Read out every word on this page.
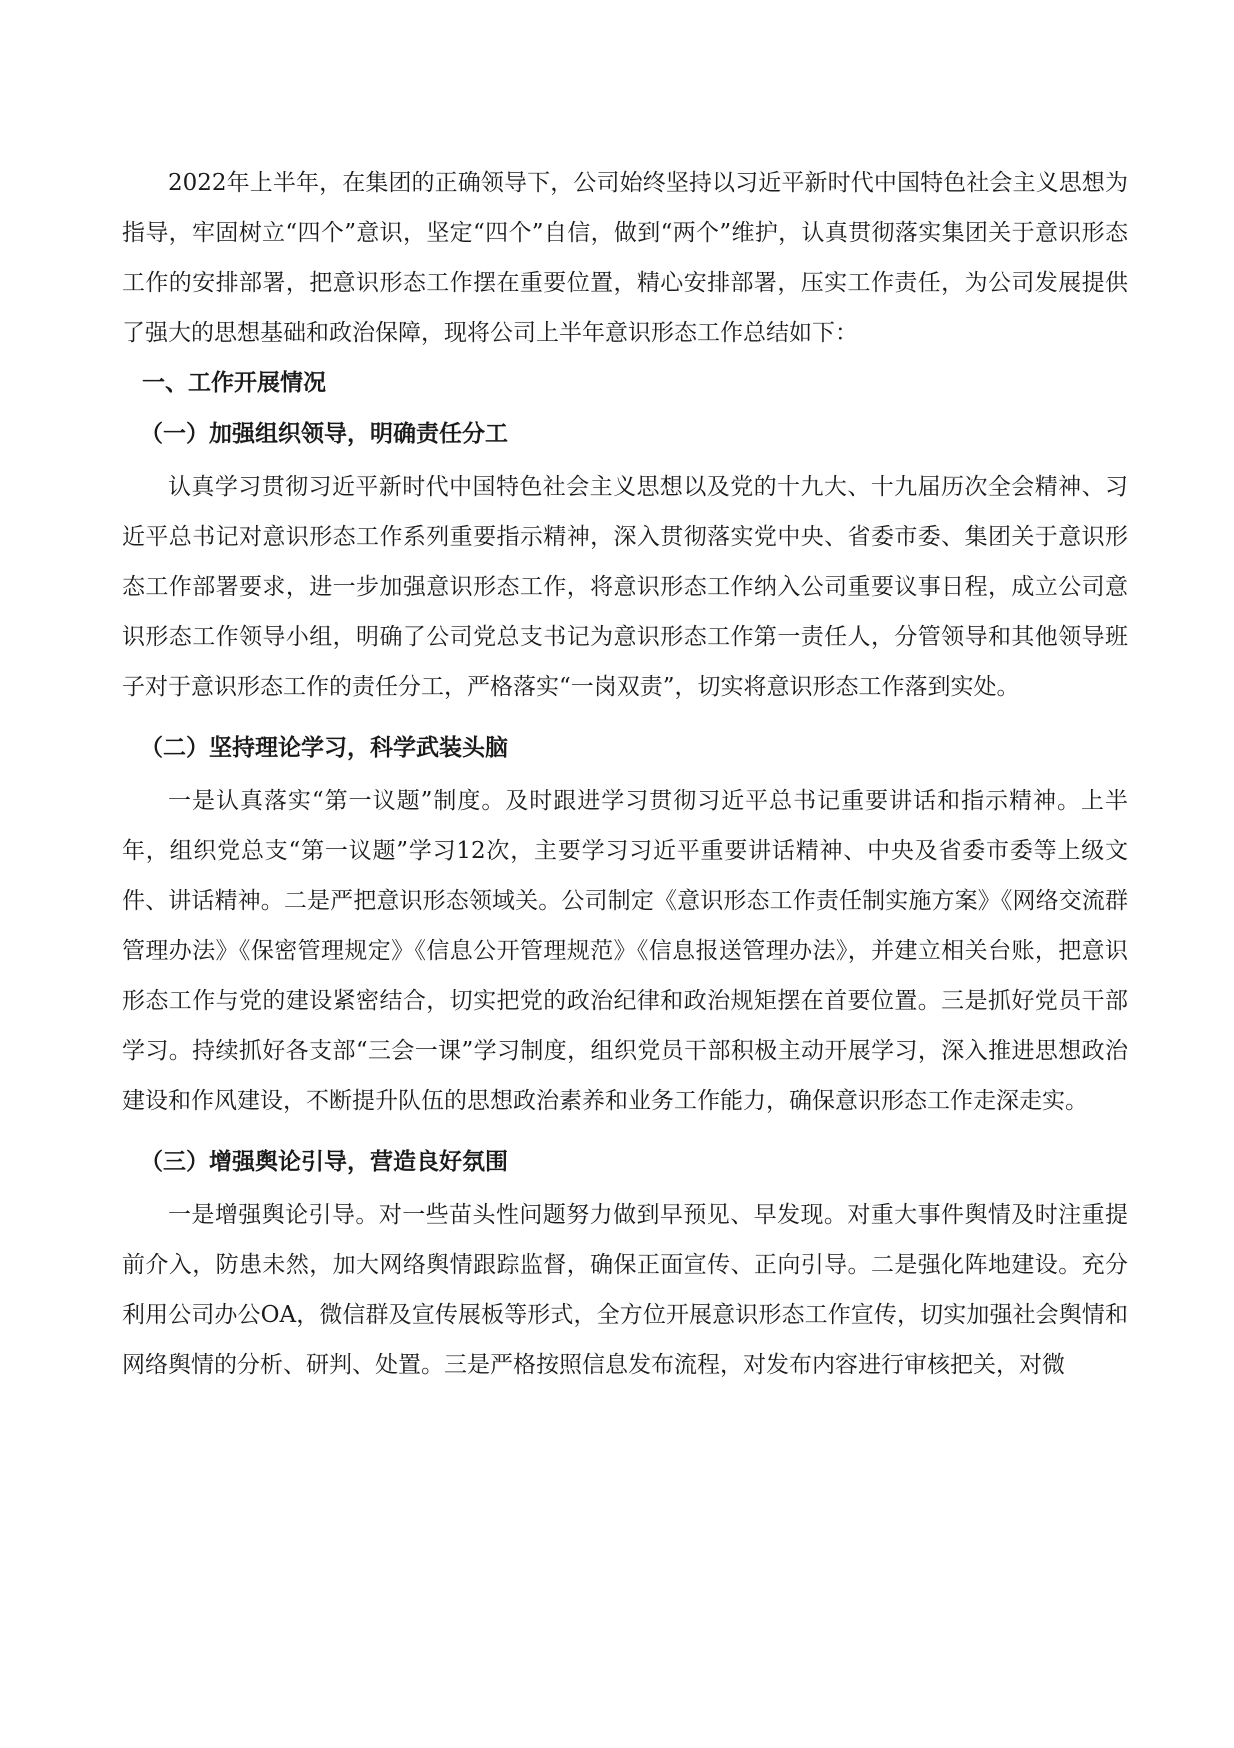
2022年上半年，在集团的正确领导下，公司始终坚持以习近平新时代中国特色社会主义思想为指导，牢固树立“四个”意识，坚定“四个”自信，做到“两个”维护，认真贯彻落实集团关于意识形态工作的安排部署，把意识形态工作摆在重要位置，精心安排部署，压实工作责任，为公司发展提供了强大的思想基础和政治保障，现将公司上半年意识形态工作总结如下：

一、工作开展情况

（一）加强组织领导，明确责任分工

认真学习贯彻习近平新时代中国特色社会主义思想以及党的十九大、十九届历次全会精神、习近平总书记对意识形态工作系列重要指示精神，深入贯彻落实党中央、省委市委、集团关于意识形态工作部署要求，进一步加强意识形态工作，将意识形态工作纳入公司重要议事日程，成立公司意识形态工作领导小组，明确了公司党总支书记为意识形态工作第一责任人，分管领导和其他领导班子对于意识形态工作的责任分工，严格落实“一岗双责”，切实将意识形态工作落到实处。

（二）坚持理论学习，科学武装头脑

一是认真落实“第一议题”制度。及时跟进学习贯彻习近平总书记重要讲话和指示精神。上半年，组织党总支“第一议题”学习12次，主要学习习近平重要讲话精神、中央及省委市委等上级文件、讲话精神。二是严把意识形态领域关。公司制定《意识形态工作责任制实施方案》《网络交流群管理办法》《保密管理规定》《信息公开管理规范》《信息报送管理办法》，并建立相关台账，把意识形态工作与党的建设紧密结合，切实把党的政治纪律和政治规矩摆在首要位置。三是抓好党员干部学习。持续抓好各支部“三会一课”学习制度，组织党员干部积极主动开展学习，深入推进思想政治建设和作风建设，不断提升队伍的思想政治素养和业务工作能力，确保意识形态工作走深走实。

（三）增强舆论引导，营造良好氛围

一是增强舆论引导。对一些苗头性问题努力做到早预见、早发现。对重大事件舆情及时注重提前介入，防患未然，加大网络舆情跟踪监督，确保正面宣传、正向引导。二是强化阵地建设。充分利用公司办公OA，微信群及宣传展板等形式，全方位开展意识形态工作宣传，切实加强社会舆情和网络舆情的分析、研判、处置。三是严格按照信息发布流程，对发布内容进行审核把关，对微
